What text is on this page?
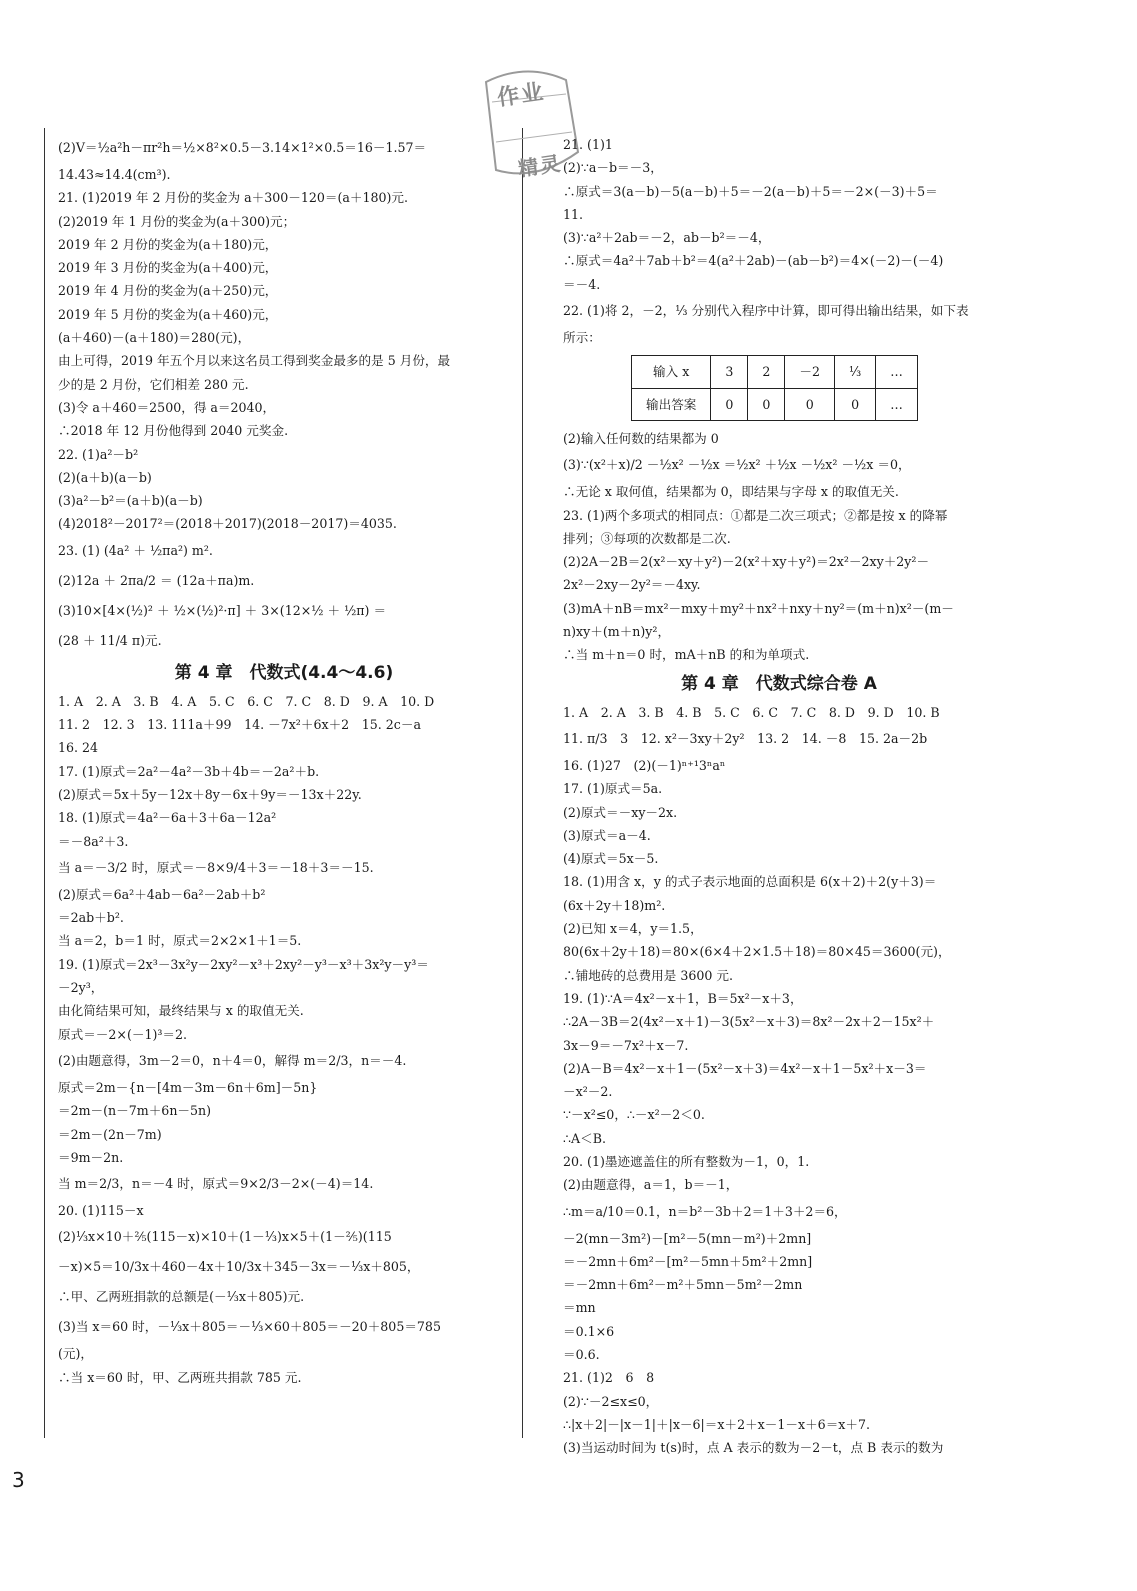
作业
精灵
(2)V＝½a²h－πr²h＝½×8²×0.5－3.14×1²×0.5＝16－1.57＝
14.43≈14.4(cm³).
21. (1)2019 年 2 月份的奖金为 a＋300－120＝(a＋180)元.
(2)2019 年 1 月份的奖金为(a＋300)元；
2019 年 2 月份的奖金为(a＋180)元，
2019 年 3 月份的奖金为(a＋400)元，
2019 年 4 月份的奖金为(a＋250)元，
2019 年 5 月份的奖金为(a＋460)元，
(a＋460)－(a＋180)＝280(元)，
由上可得，2019 年五个月以来这名员工得到奖金最多的是 5 月份，最
少的是 2 月份，它们相差 280 元.
(3)令 a＋460＝2500，得 a＝2040，
∴2018 年 12 月份他得到 2040 元奖金.
22. (1)a²－b²
(2)(a＋b)(a－b)
(3)a²－b²＝(a＋b)(a－b)
(4)2018²－2017²＝(2018＋2017)(2018－2017)＝4035.
23. (1) (4a² ＋ ½πa²) m².
(2)12a ＋ 2πa/2 ＝ (12a＋πa)m.
(3)10×[4×(½)² ＋ ½×(½)²·π] ＋ 3×(12×½ ＋ ½π) ＝
(28 ＋ 11/4 π)元.
第 4 章　代数式(4.4～4.6)
1. A　2. A　3. B　4. A　5. C　6. C　7. C　8. D　9. A　10. D
11. 2　12. 3　13. 111a＋99　14. －7x²＋6x＋2　15. 2c－a
16. 24
17. (1)原式＝2a²－4a²－3b＋4b＝－2a²＋b.
(2)原式＝5x＋5y－12x＋8y－6x＋9y＝－13x＋22y.
18. (1)原式＝4a²－6a＋3＋6a－12a²
＝－8a²＋3.
当 a＝－3/2 时，原式＝－8×9/4＋3＝－18＋3＝－15.
(2)原式＝6a²＋4ab－6a²－2ab＋b²
＝2ab＋b².
当 a＝2，b＝1 时，原式＝2×2×1＋1＝5.
19. (1)原式＝2x³－3x²y－2xy²－x³＋2xy²－y³－x³＋3x²y－y³＝
－2y³，
由化简结果可知，最终结果与 x 的取值无关.
原式＝－2×(－1)³＝2.
(2)由题意得，3m－2＝0，n＋4＝0，解得 m＝2/3，n＝－4.
原式＝2m－{n－[4m－3m－6n＋6m]－5n}
＝2m－(n－7m＋6n－5n)
＝2m－(2n－7m)
＝9m－2n.
当 m＝2/3，n＝－4 时，原式＝9×2/3－2×(－4)＝14.
20. (1)115－x
(2)⅓x×10＋⅖(115－x)×10＋(1－⅓)x×5＋(1－⅖)(115
－x)×5＝10/3x＋460－4x＋10/3x＋345－3x＝－⅓x＋805，
∴甲、乙两班捐款的总额是(－⅓x＋805)元.
(3)当 x＝60 时，－⅓x＋805＝－⅓×60＋805＝－20＋805＝785
(元)，
∴当 x＝60 时，甲、乙两班共捐款 785 元.
21. (1)1
(2)∵a－b＝－3，
∴原式＝3(a－b)－5(a－b)＋5＝－2(a－b)＋5＝－2×(－3)＋5＝
11.
(3)∵a²＋2ab＝－2，ab－b²＝－4，
∴原式＝4a²＋7ab＋b²＝4(a²＋2ab)－(ab－b²)＝4×(－2)－(－4)
＝－4.
22. (1)将 2，－2，⅓ 分别代入程序中计算，即可得出输出结果，如下表
所示：
输入 x	3	2	－2	⅓	…
输出答案	0	0	0	0	…
(2)输入任何数的结果都为 0
(3)∵(x²＋x)/2 －½x² －½x ＝½x² ＋½x －½x² －½x ＝0，
∴无论 x 取何值，结果都为 0，即结果与字母 x 的取值无关.
23. (1)两个多项式的相同点：①都是二次三项式；②都是按 x 的降幂
排列；③每项的次数都是二次.
(2)2A－2B＝2(x²－xy＋y²)－2(x²＋xy＋y²)＝2x²－2xy＋2y²－
2x²－2xy－2y²＝－4xy.
(3)mA＋nB＝mx²－mxy＋my²＋nx²＋nxy＋ny²＝(m＋n)x²－(m－
n)xy＋(m＋n)y²，
∴当 m＋n＝0 时，mA＋nB 的和为单项式.
第 4 章　代数式综合卷 A
1. A　2. A　3. B　4. B　5. C　6. C　7. C　8. D　9. D　10. B
11. π/3　3　12. x²－3xy＋2y²　13. 2　14. －8　15. 2a－2b
16. (1)27　(2)(－1)ⁿ⁺¹3ⁿaⁿ
17. (1)原式＝5a.
(2)原式＝－xy－2x.
(3)原式＝a－4.
(4)原式＝5x－5.
18. (1)用含 x，y 的式子表示地面的总面积是 6(x＋2)＋2(y＋3)＝
(6x＋2y＋18)m².
(2)已知 x＝4，y＝1.5，
80(6x＋2y＋18)＝80×(6×4＋2×1.5＋18)＝80×45＝3600(元)，
∴铺地砖的总费用是 3600 元.
19. (1)∵A＝4x²－x＋1，B＝5x²－x＋3，
∴2A－3B＝2(4x²－x＋1)－3(5x²－x＋3)＝8x²－2x＋2－15x²＋
3x－9＝－7x²＋x－7.
(2)A－B＝4x²－x＋1－(5x²－x＋3)＝4x²－x＋1－5x²＋x－3＝
－x²－2.
∵－x²≤0，∴－x²－2＜0.
∴A＜B.
20. (1)墨迹遮盖住的所有整数为－1，0，1.
(2)由题意得，a＝1，b＝－1，
∴m＝a/10＝0.1，n＝b²－3b＋2＝1＋3＋2＝6，
－2(mn－3m²)－[m²－5(mn－m²)＋2mn]
＝－2mn＋6m²－[m²－5mn＋5m²＋2mn]
＝－2mn＋6m²－m²＋5mn－5m²－2mn
＝mn
＝0.1×6
＝0.6.
21. (1)2　6　8
(2)∵－2≤x≤0，
∴|x＋2|－|x－1|＋|x－6|＝x＋2＋x－1－x＋6＝x＋7.
(3)当运动时间为 t(s)时，点 A 表示的数为－2－t，点 B 表示的数为
3
